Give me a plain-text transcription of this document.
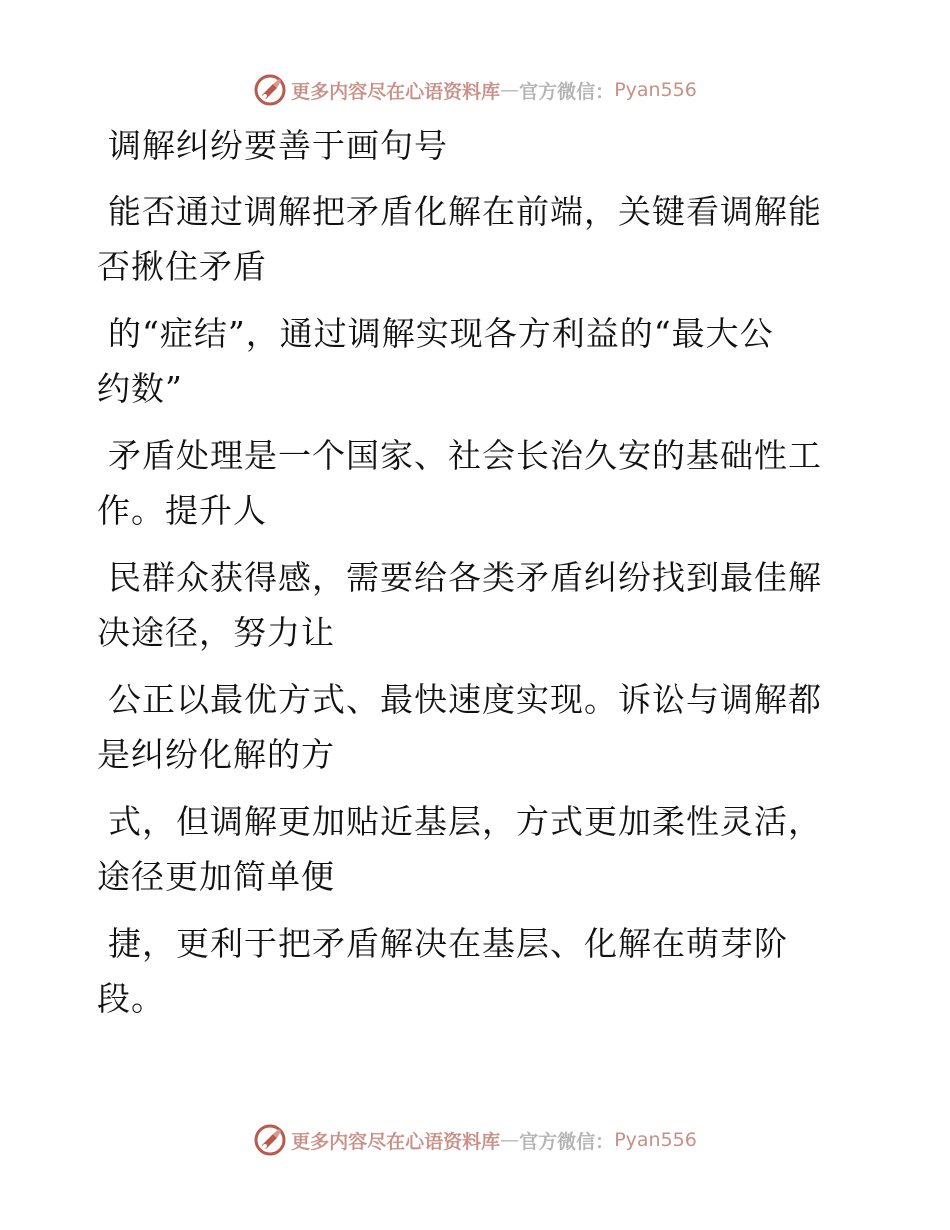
更多内容尽在心语资料库 — 官方微信： Pyan556
调解纠纷要善于画句号
能否通过调解把矛盾化解在前端，关键看调解能
否揪住矛盾
的“症结”，通过调解实现各方利益的“最大公
约数”
矛盾处理是一个国家、社会长治久安的基础性工
作。提升人
民群众获得感，需要给各类矛盾纠纷找到最佳解
决途径，努力让
公正以最优方式、最快速度实现。诉讼与调解都
是纠纷化解的方
式，但调解更加贴近基层，方式更加柔性灵活，
途径更加简单便
捷，更利于把矛盾解决在基层、化解在萌芽阶
段。
更多内容尽在心语资料库 — 官方微信： Pyan556
